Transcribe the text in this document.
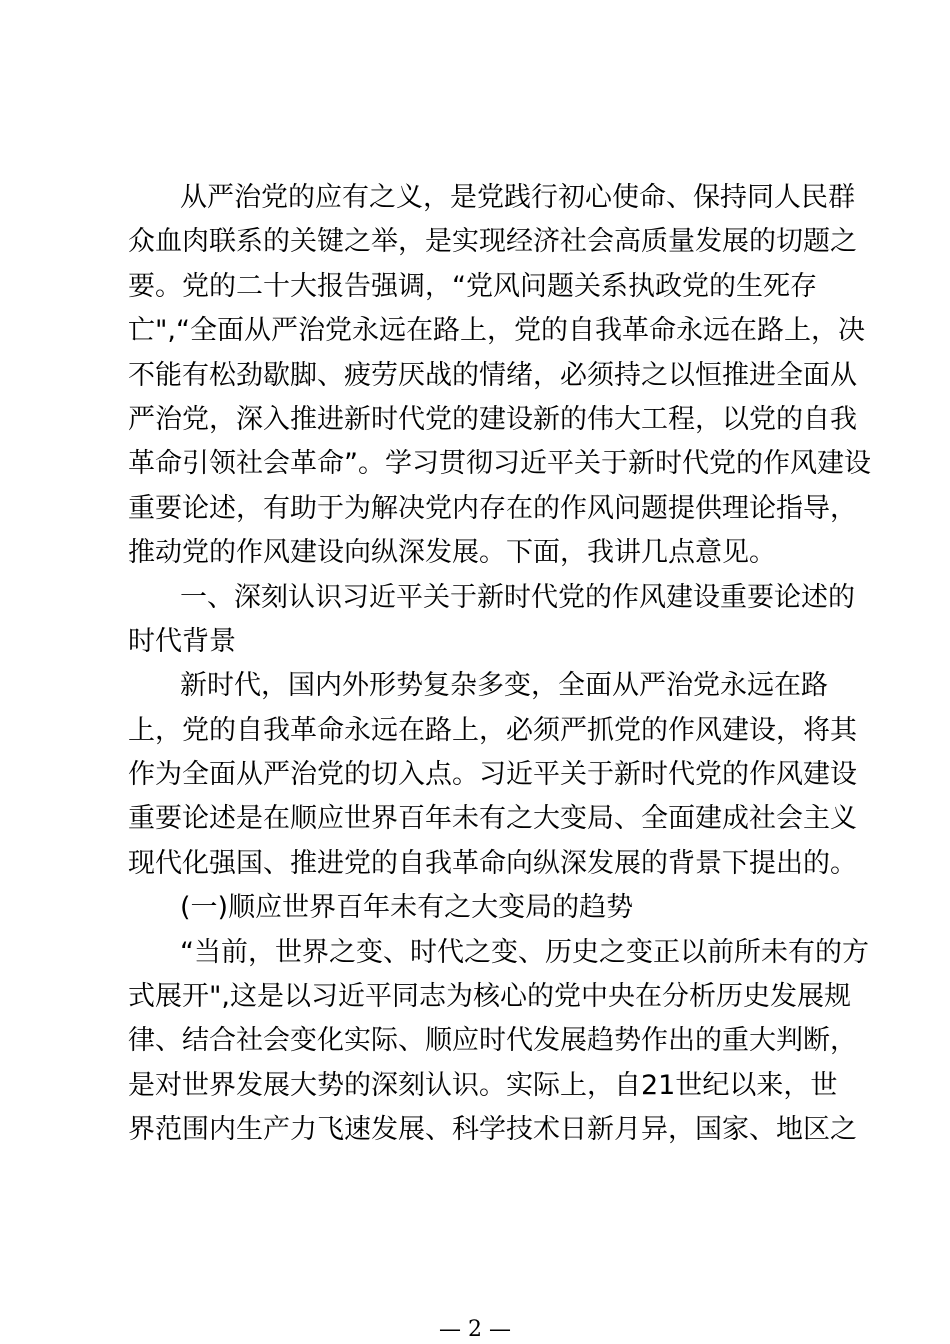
从严治党的应有之义，是党践行初心使命、保持同人民群
众血肉联系的关键之举，是实现经济社会高质量发展的切题之
要。党的二十大报告强调，“党风问题关系执政党的生死存
亡",“全面从严治党永远在路上，党的自我革命永远在路上，决
不能有松劲歇脚、疲劳厌战的情绪，必须持之以恒推进全面从
严治党，深入推进新时代党的建设新的伟大工程，以党的自我
革命引领社会革命”。学习贯彻习近平关于新时代党的作风建设
重要论述，有助于为解决党内存在的作风问题提供理论指导，
推动党的作风建设向纵深发展。下面，我讲几点意见。
一、深刻认识习近平关于新时代党的作风建设重要论述的
时代背景
新时代，国内外形势复杂多变，全面从严治党永远在路
上，党的自我革命永远在路上，必须严抓党的作风建设，将其
作为全面从严治党的切入点。习近平关于新时代党的作风建设
重要论述是在顺应世界百年未有之大变局、全面建成社会主义
现代化强国、推进党的自我革命向纵深发展的背景下提出的。
(一)顺应世界百年未有之大变局的趋势
“当前，世界之变、时代之变、历史之变正以前所未有的方
式展开",这是以习近平同志为核心的党中央在分析历史发展规
律、结合社会变化实际、顺应时代发展趋势作出的重大判断，
是对世界发展大势的深刻认识。实际上，自21世纪以来，世
界范围内生产力飞速发展、科学技术日新月异，国家、地区之
— 2 —
